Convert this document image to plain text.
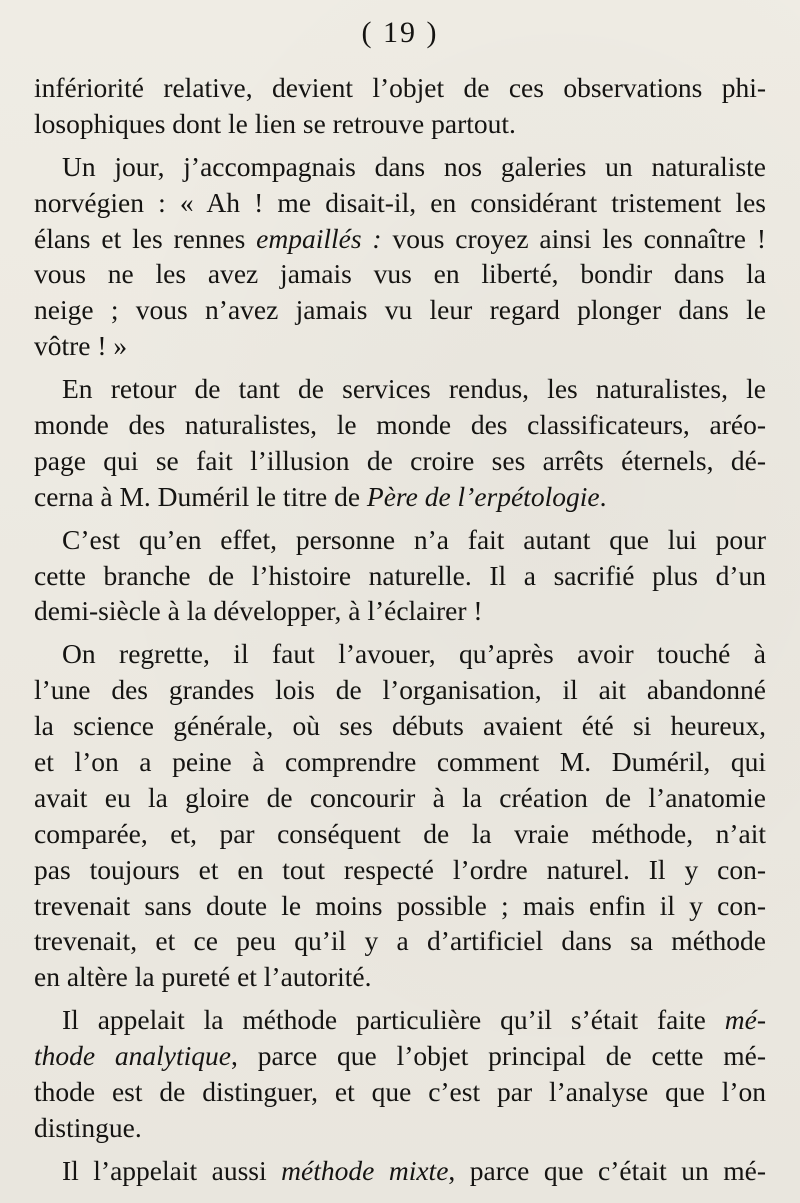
( 19 )
infériorité relative, devient l’objet de ces observations phi-
losophiques dont le lien se retrouve partout.
Un jour, j’accompagnais dans nos galeries un naturaliste
norvégien : « Ah ! me disait-il, en considérant tristement les
élans et les rennes empaillés : vous croyez ainsi les connaître !
vous ne les avez jamais vus en liberté, bondir dans la
neige ; vous n’avez jamais vu leur regard plonger dans le
vôtre ! »
En retour de tant de services rendus, les naturalistes, le
monde des naturalistes, le monde des classificateurs, aréo-
page qui se fait l’illusion de croire ses arrêts éternels, dé-
cerna à M. Duméril le titre de Père de l’erpétologie.
C’est qu’en effet, personne n’a fait autant que lui pour
cette branche de l’histoire naturelle. Il a sacrifié plus d’un
demi-siècle à la développer, à l’éclairer !
On regrette, il faut l’avouer, qu’après avoir touché à
l’une des grandes lois de l’organisation, il ait abandonné
la science générale, où ses débuts avaient été si heureux,
et l’on a peine à comprendre comment M. Duméril, qui
avait eu la gloire de concourir à la création de l’anatomie
comparée, et, par conséquent de la vraie méthode, n’ait
pas toujours et en tout respecté l’ordre naturel. Il y con-
trevenait sans doute le moins possible ; mais enfin il y con-
trevenait, et ce peu qu’il y a d’artificiel dans sa méthode
en altère la pureté et l’autorité.
Il appelait la méthode particulière qu’il s’était faite mé-
thode analytique, parce que l’objet principal de cette mé-
thode est de distinguer, et que c’est par l’analyse que l’on
distingue.
Il l’appelait aussi méthode mixte, parce que c’était un mé-
